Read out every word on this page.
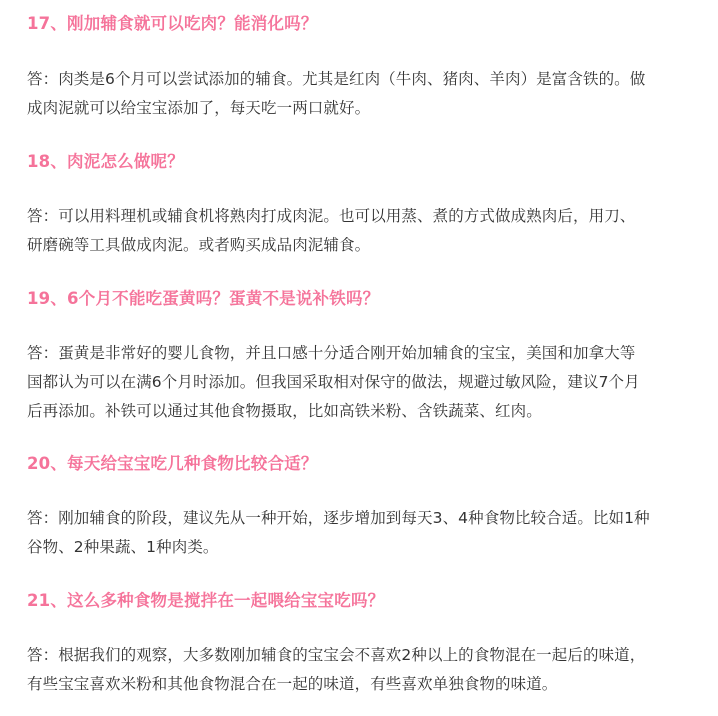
17、刚加辅食就可以吃肉？能消化吗？
答：肉类是6个月可以尝试添加的辅食。尤其是红肉（牛肉、猪肉、羊肉）是富含铁的。做
成肉泥就可以给宝宝添加了，每天吃一两口就好。
18、肉泥怎么做呢？
答：可以用料理机或辅食机将熟肉打成肉泥。也可以用蒸、煮的方式做成熟肉后，用刀、
研磨碗等工具做成肉泥。或者购买成品肉泥辅食。
19、6个月不能吃蛋黄吗？蛋黄不是说补铁吗？
答：蛋黄是非常好的婴儿食物，并且口感十分适合刚开始加辅食的宝宝，美国和加拿大等
国都认为可以在满6个月时添加。但我国采取相对保守的做法，规避过敏风险，建议7个月
后再添加。补铁可以通过其他食物摄取，比如高铁米粉、含铁蔬菜、红肉。
20、每天给宝宝吃几种食物比较合适？
答：刚加辅食的阶段，建议先从一种开始，逐步增加到每天3、4种食物比较合适。比如1种
谷物、2种果蔬、1种肉类。
21、这么多种食物是搅拌在一起喂给宝宝吃吗？
答：根据我们的观察，大多数刚加辅食的宝宝会不喜欢2种以上的食物混在一起后的味道，
有些宝宝喜欢米粉和其他食物混合在一起的味道，有些喜欢单独食物的味道。
